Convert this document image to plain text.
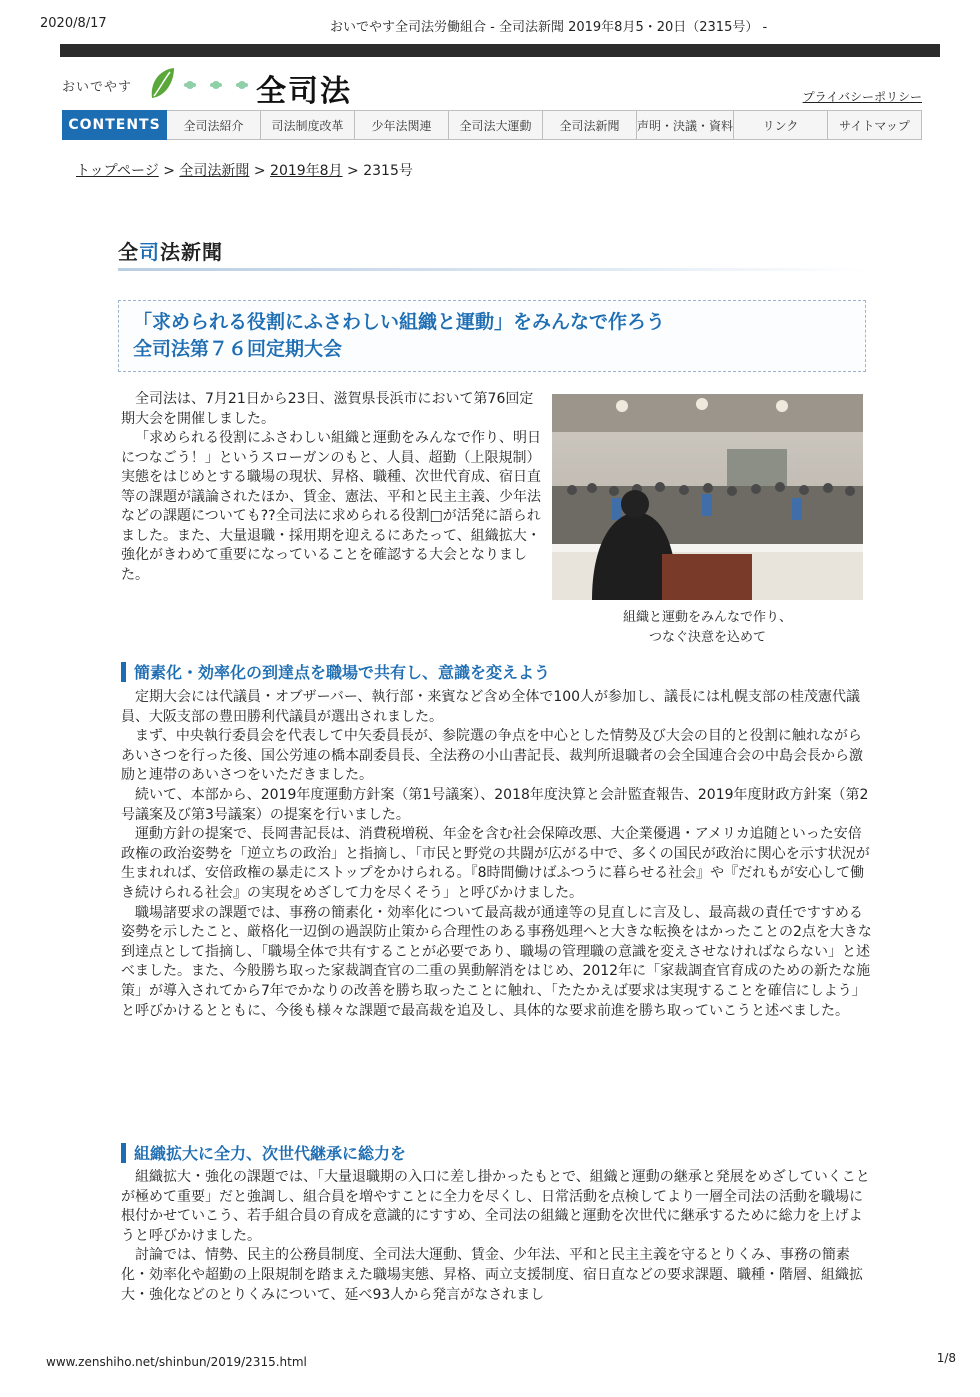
2020/8/17	おいでやす全司法労働組合 - 全司法新聞 2019年8月5・20日（2315号） -
おいでやす	全司法	プライバシーポリシー
CONTENTS	全司法紹介	司法制度改革	少年法関連	全司法大運動	全司法新聞	声明・決議・資料	リンク	サイトマップ
トップページ > 全司法新聞 > 2019年8月 > 2315号
全司法新聞
「求められる役割にふさわしい組織と運動」をみんなで作ろう
全司法第７６回定期大会

全司法は、7月21日から23日、滋賀県長浜市において第76回定期大会を開催しました。

「求められる役割にふさわしい組織と運動をみんなで作り、明日につなごう！」というスローガンのもと、人員、超勤（上限規制）実態をはじめとする職場の現状、昇格、職種、次世代育成、宿日直等の課題が議論されたほか、賃金、憲法、平和と民主主義、少年法などの課題についても??全司法に求められる役割□が活発に語られました。また、大量退職・採用期を迎えるにあたって、組織拡大・強化がきわめて重要になっていることを確認する大会となりました。

組織と運動をみんなで作り、
つなぐ決意を込めて
簡素化・効率化の到達点を職場で共有し、意識を変えよう

定期大会には代議員・オブザーバー、執行部・来賓など含め全体で100人が参加し、議長には札幌支部の桂茂憲代議員、大阪支部の豊田勝利代議員が選出されました。

まず、中央執行委員会を代表して中矢委員長が、参院選の争点を中心とした情勢及び大会の目的と役割に触れながらあいさつを行った後、国公労連の橋本副委員長、全法務の小山書記長、裁判所退職者の会全国連合会の中島会長から激励と連帯のあいさつをいただきました。

続いて、本部から、2019年度運動方針案（第1号議案）、2018年度決算と会計監査報告、2019年度財政方針案（第2号議案及び第3号議案）の提案を行いました。

運動方針の提案で、長岡書記長は、消費税増税、年金を含む社会保障改悪、大企業優遇・アメリカ追随といった安倍政権の政治姿勢を「逆立ちの政治」と指摘し、「市民と野党の共闘が広がる中で、多くの国民が政治に関心を示す状況が生まれれば、安倍政権の暴走にストップをかけられる。『8時間働けばふつうに暮らせる社会』や『だれもが安心して働き続けられる社会』の実現をめざして力を尽くそう」と呼びかけました。

職場諸要求の課題では、事務の簡素化・効率化について最高裁が通達等の見直しに言及し、最高裁の責任ですすめる姿勢を示したこと、厳格化一辺倒の過誤防止策から合理性のある事務処理へと大きな転換をはかったことの2点を大きな到達点として指摘し、「職場全体で共有することが必要であり、職場の管理職の意識を変えさせなければならない」と述べました。また、今般勝ち取った家裁調査官の二重の異動解消をはじめ、2012年に「家裁調査官育成のための新たな施策」が導入されてから7年でかなりの改善を勝ち取ったことに触れ、「たたかえば要求は実現することを確信にしよう」と呼びかけるとともに、今後も様々な課題で最高裁を追及し、具体的な要求前進を勝ち取っていこうと述べました。

組織拡大に全力、次世代継承に総力を

組織拡大・強化の課題では、「大量退職期の入口に差し掛かったもとで、組織と運動の継承と発展をめざしていくことが極めて重要」だと強調し、組合員を増やすことに全力を尽くし、日常活動を点検してより一層全司法の活動を職場に根付かせていこう、若手組合員の育成を意識的にすすめ、全司法の組織と運動を次世代に継承するために総力を上げようと呼びかけました。

討論では、情勢、民主的公務員制度、全司法大運動、賃金、少年法、平和と民主主義を守るとりくみ、事務の簡素化・効率化や超勤の上限規制を踏まえた職場実態、昇格、両立支援制度、宿日直などの要求課題、職種・階層、組織拡大・強化などのとりくみについて、延べ93人から発言がなされまし

www.zenshiho.net/shinbun/2019/2315.html	1/8
